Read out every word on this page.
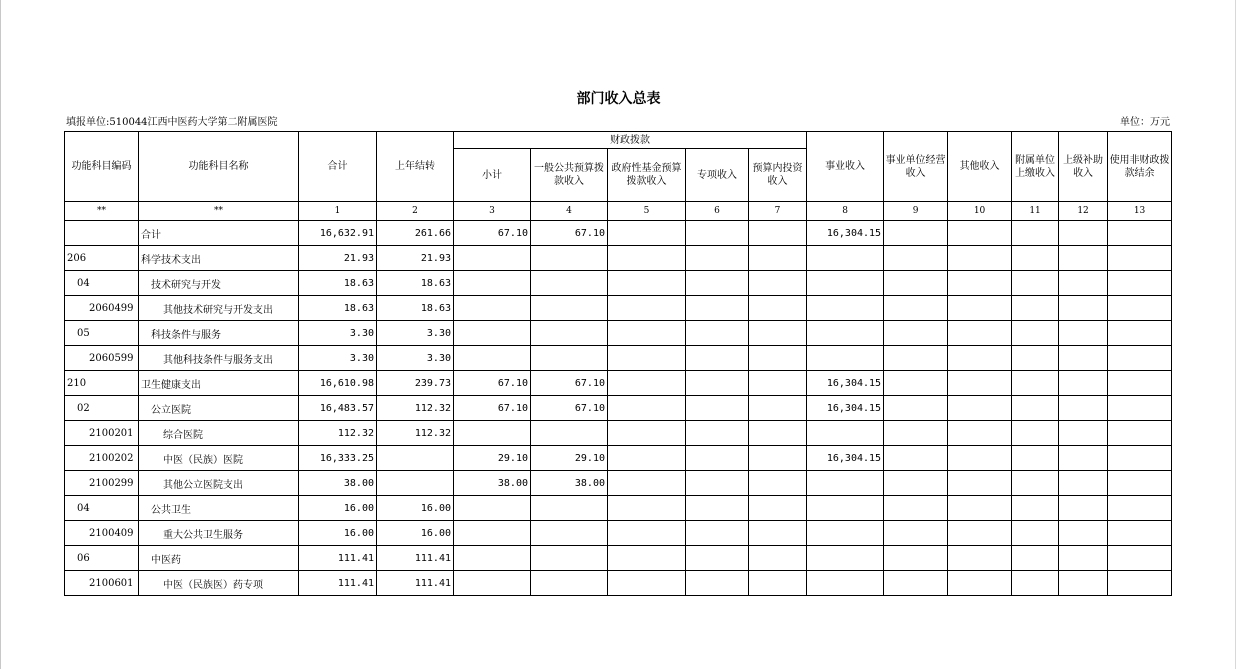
部门收入总表
填报单位:510044江西中医药大学第二附属医院	单位：万元
功能科目编码	功能科目名称	合计	上年结转	财政拨款					事业收入	事业单位经营收入	其他收入	附属单位上缴收入	上级补助收入	使用非财政拨款结余
				小计	一般公共预算拨款收入	政府性基金预算拨款收入	专项收入	预算内投资收入						
**	**	1	2	3	4	5	6	7	8	9	10	11	12	13
	合计	16,632.91	261.66	67.10	67.10				16,304.15					
206	科学技术支出	21.93	21.93											
04	技术研究与开发	18.63	18.63											
2060499	其他技术研究与开发支出	18.63	18.63											
05	科技条件与服务	3.30	3.30											
2060599	其他科技条件与服务支出	3.30	3.30											
210	卫生健康支出	16,610.98	239.73	67.10	67.10				16,304.15					
02	公立医院	16,483.57	112.32	67.10	67.10				16,304.15					
2100201	综合医院	112.32	112.32											
2100202	中医（民族）医院	16,333.25		29.10	29.10				16,304.15					
2100299	其他公立医院支出	38.00		38.00	38.00									
04	公共卫生	16.00	16.00											
2100409	重大公共卫生服务	16.00	16.00											
06	中医药	111.41	111.41											
2100601	中医（民族医）药专项	111.41	111.41											
